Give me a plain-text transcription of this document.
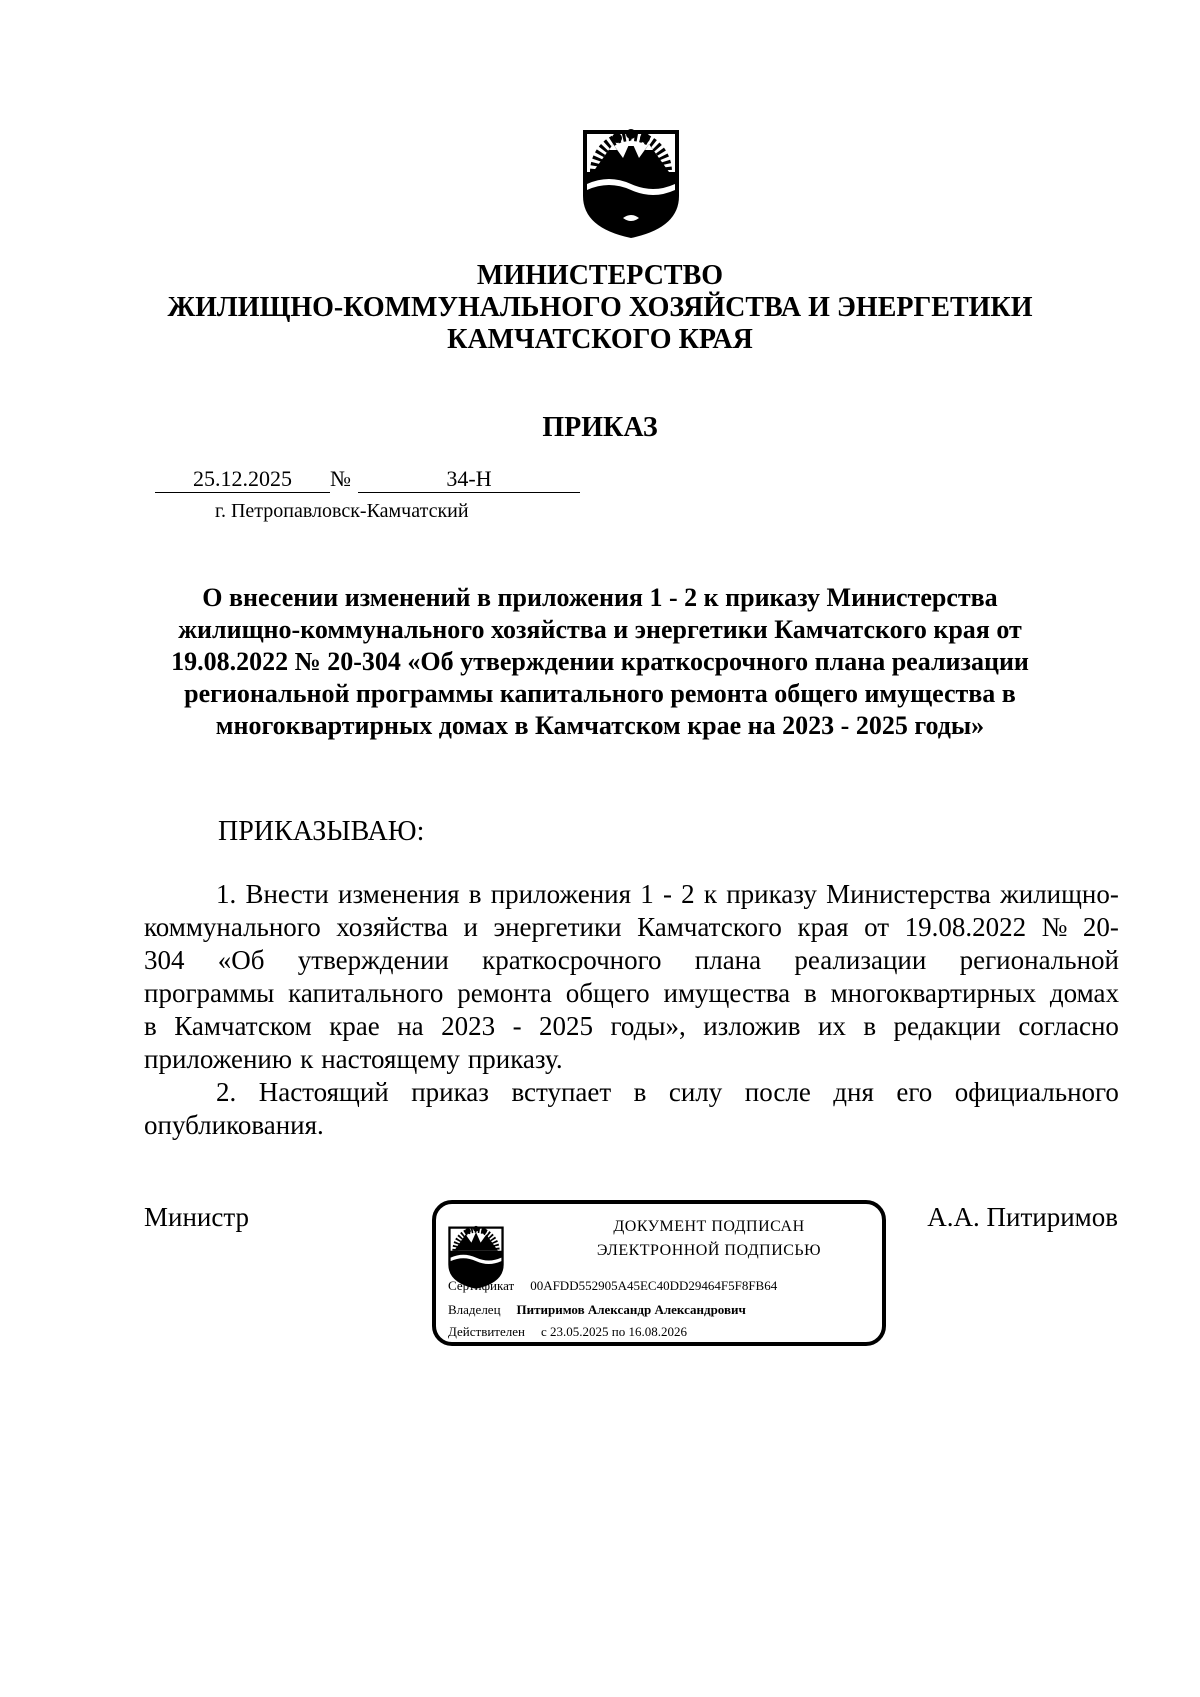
МИНИСТЕРСТВО
ЖИЛИЩНО-КОММУНАЛЬНОГО ХОЗЯЙСТВА И ЭНЕРГЕТИКИ
КАМЧАТСКОГО КРАЯ
ПРИКАЗ
25.12.2025	№	34-Н
г. Петропавловск-Камчатский
О внесении изменений в приложения 1 - 2 к приказу Министерства
жилищно-коммунального хозяйства и энергетики Камчатского края от
19.08.2022 № 20-304 «Об утверждении краткосрочного плана реализации
региональной программы капитального ремонта общего имущества в
многоквартирных домах в Камчатском крае на 2023 - 2025 годы»
ПРИКАЗЫВАЮ:
1. Внести изменения в приложения 1 - 2 к приказу Министерства жилищно-
коммунального хозяйства и энергетики Камчатского края от 19.08.2022 № 20-
304 «Об утверждении краткосрочного плана реализации региональной
программы капитального ремонта общего имущества в многоквартирных домах
в Камчатском крае на 2023 - 2025 годы», изложив их в редакции согласно
приложению к настоящему приказу.
2. Настоящий приказ вступает в силу после дня его официального
опубликования.
Министр	А.А. Питиримов
ДОКУМЕНТ ПОДПИСАН
ЭЛЕКТРОННОЙ ПОДПИСЬЮ
Сертификат 00AFDD552905A45EC40DD29464F5F8FB64
Владелец Питиримов Александр Александрович
Действителен с 23.05.2025 по 16.08.2026
